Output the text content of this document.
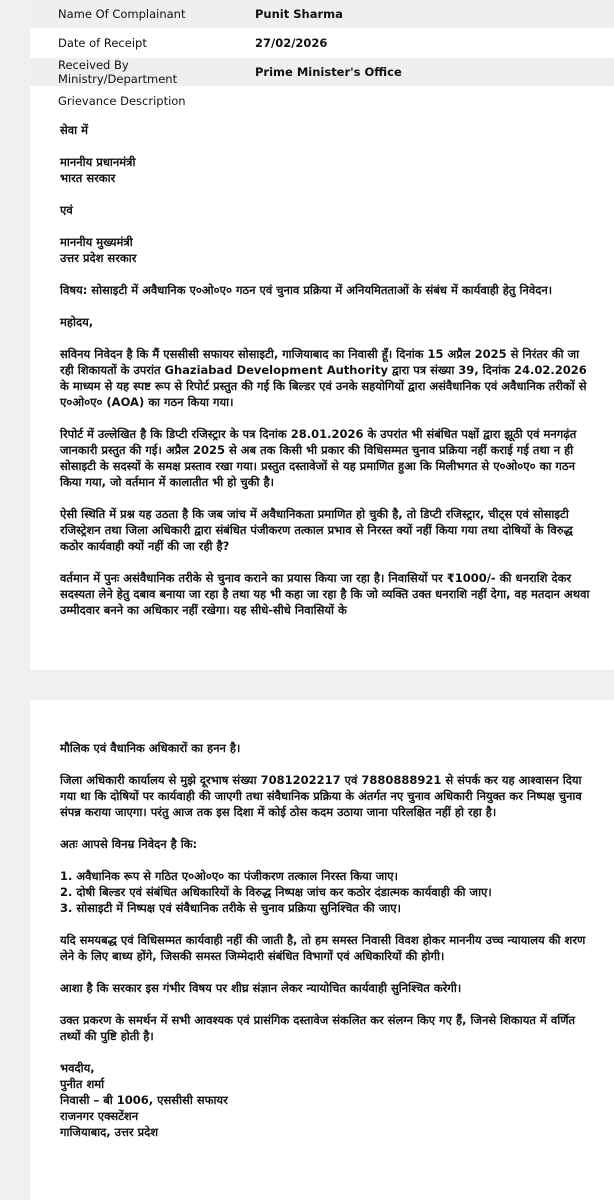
Name Of Complainant	Punit Sharma
Date of Receipt	27/02/2026
Received By Ministry/Department	Prime Minister's Office
Grievance Description	

सेवा में

माननीय प्रधानमंत्री

भारत सरकार

एवं

माननीय मुख्यमंत्री

उत्तर प्रदेश सरकार

विषय: सोसाइटी में अवैधानिक ए०ओ०ए० गठन एवं चुनाव प्रक्रिया में अनियमितताओं के संबंध में कार्यवाही हेतु निवेदन।

महोदय,

सविनय निवेदन है कि मैं एससीसी सफायर सोसाइटी, गाजियाबाद का निवासी हूँ। दिनांक 15 अप्रैल 2025 से निरंतर की जा रही शिकायतों के उपरांत Ghaziabad Development Authority द्वारा पत्र संख्या 39, दिनांक 24.02.2026 के माध्यम से यह स्पष्ट रूप से रिपोर्ट प्रस्तुत की गई कि बिल्डर एवं उनके सहयोगियों द्वारा असंवैधानिक एवं अवैधानिक तरीकों से ए०ओ०ए० (AOA) का गठन किया गया।

रिपोर्ट में उल्लेखित है कि डिप्टी रजिस्ट्रार के पत्र दिनांक 28.01.2026 के उपरांत भी संबंधित पक्षों द्वारा झूठी एवं मनगढ़ंत जानकारी प्रस्तुत की गई। अप्रैल 2025 से अब तक किसी भी प्रकार की विधिसम्मत चुनाव प्रक्रिया नहीं कराई गई तथा न ही सोसाइटी के सदस्यों के समक्ष प्रस्ताव रखा गया। प्रस्तुत दस्तावेजों से यह प्रमाणित हुआ कि मिलीभगत से ए०ओ०ए० का गठन किया गया, जो वर्तमान में कालातीत भी हो चुकी है।

ऐसी स्थिति में प्रश्न यह उठता है कि जब जांच में अवैधानिकता प्रमाणित हो चुकी है, तो डिप्टी रजिस्ट्रार, चीट्स एवं सोसाइटी रजिस्ट्रेशन तथा जिला अधिकारी द्वारा संबंधित पंजीकरण तत्काल प्रभाव से निरस्त क्यों नहीं किया गया तथा दोषियों के विरुद्ध कठोर कार्यवाही क्यों नहीं की जा रही है?

वर्तमान में पुनः असंवैधानिक तरीके से चुनाव कराने का प्रयास किया जा रहा है। निवासियों पर ₹1000/- की धनराशि देकर सदस्यता लेने हेतु दबाव बनाया जा रहा है तथा यह भी कहा जा रहा है कि जो व्यक्ति उक्त धनराशि नहीं देगा, वह मतदान अथवा उम्मीदवार बनने का अधिकार नहीं रखेगा। यह सीधे-सीधे निवासियों के

मौलिक एवं वैधानिक अधिकारों का हनन है।

जिला अधिकारी कार्यालय से मुझे दूरभाष संख्या 7081202217 एवं 7880888921 से संपर्क कर यह आश्वासन दिया गया था कि दोषियों पर कार्यवाही की जाएगी तथा संवैधानिक प्रक्रिया के अंतर्गत नए चुनाव अधिकारी नियुक्त कर निष्पक्ष चुनाव संपन्न कराया जाएगा। परंतु आज तक इस दिशा में कोई ठोस कदम उठाया जाना परिलक्षित नहीं हो रहा है।

अतः आपसे विनम्र निवेदन है कि:

1. अवैधानिक रूप से गठित ए०ओ०ए० का पंजीकरण तत्काल निरस्त किया जाए।

2. दोषी बिल्डर एवं संबंधित अधिकारियों के विरुद्ध निष्पक्ष जांच कर कठोर दंडात्मक कार्यवाही की जाए।

3. सोसाइटी में निष्पक्ष एवं संवैधानिक तरीके से चुनाव प्रक्रिया सुनिश्चित की जाए।

यदि समयबद्ध एवं विधिसम्मत कार्यवाही नहीं की जाती है, तो हम समस्त निवासी विवश होकर माननीय उच्च न्यायालय की शरण लेने के लिए बाध्य होंगे, जिसकी समस्त जिम्मेदारी संबंधित विभागों एवं अधिकारियों की होगी।

आशा है कि सरकार इस गंभीर विषय पर शीघ्र संज्ञान लेकर न्यायोचित कार्यवाही सुनिश्चित करेगी।

उक्त प्रकरण के समर्थन में सभी आवश्यक एवं प्रासंगिक दस्तावेज संकलित कर संलग्न किए गए हैं, जिनसे शिकायत में वर्णित तथ्यों की पुष्टि होती है।

भवदीय,

पुनीत शर्मा

निवासी – बी 1006, एससीसी सफायर

राजनगर एक्सटेंशन

गाजियाबाद, उत्तर प्रदेश
